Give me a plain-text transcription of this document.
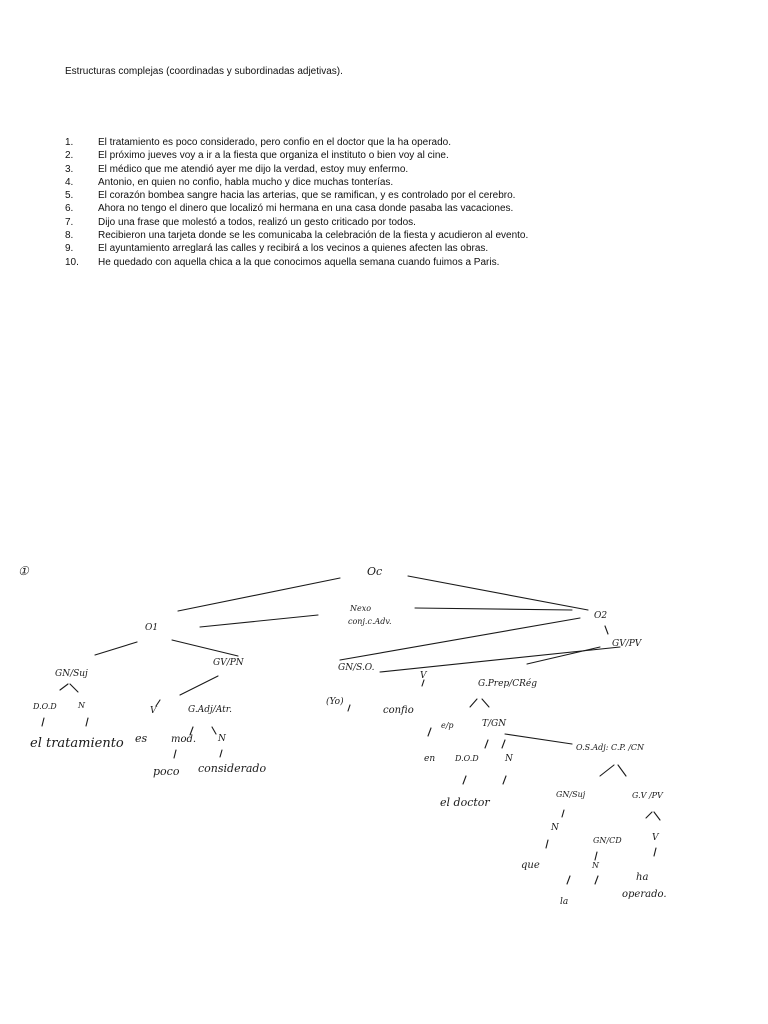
Estructuras complejas (coordinadas y subordinadas adjetivas).
1.	El tratamiento es poco considerado, pero confio en el doctor que la ha operado.
2.	El próximo jueves voy a ir a la fiesta que organiza el instituto o bien voy al cine.
3.	El médico que me atendió ayer me dijo la verdad, estoy muy enfermo.
4.	Antonio, en quien no confio, habla mucho y dice muchas tonterías.
5.	El corazón bombea sangre hacia las arterias, que se ramifican, y es controlado por el cerebro.
6.	Ahora no tengo el dinero que localizó mi hermana en una casa donde pasaba las vacaciones.
7.	Dijo una frase que molestó a todos, realizó un gesto criticado por todos.
8.	Recibieron una tarjeta donde se les comunicaba la celebración de la fiesta y acudieron al evento.
9.	El ayuntamiento arreglará las calles y recibirá a los vecinos a quienes afecten las obras.
10.	He quedado con aquella chica a la que conocimos aquella semana cuando fuimos a Paris.
①	Oc
O1
O2
Nexo
conj.c.Adv.
GN/Suj
GV/PN	GN/S.O.
GV/PV
D.O.D	N
V	G.Adj/Atr.
el tratamiento es mod. N
poco considerado
(Yo)
V
confio
G.Prep/CRég
e/p	T/GN
en D.O.D	N
el doctor
O.S.Adj: C.P. /CN
GN/Suj	G.V /PV
N
GN/CD	V
que	N
la
ha
operado.
